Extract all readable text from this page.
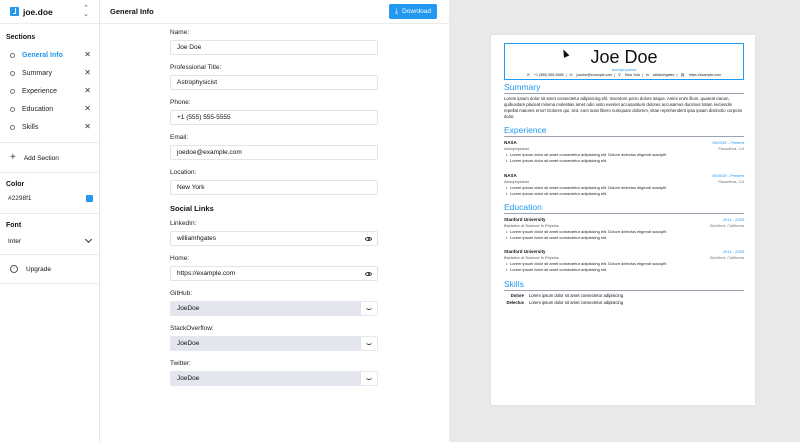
joe.doe	⌃
⌄
Sections
General Info	✕
Summary	✕
Experience	✕
Education	✕
Skills	✕
+ Add Section
Color
#2298f1
Font
Inter
↑	Upgrade
General Info	⤓ Download
Name:
Joe Doe
Professional Title:
Astrophysicist
Phone:
+1 (555) 555-5555
Email:
joedoe@example.com
Location:
New York
Social Links
LinkedIn:
williamhgates
Home:
https://example.com
GitHub:
JoeDoe
StackOverflow:
JoeDoe
Twitter:
JoeDoe
Joe Doe
Astrophysicist
✆ +1 (555) 555-5555 | ✉ joedoe@example.com | ⚲ New York | in williamhgates | ⛓ https://example.com
Summary
Lorem ipsum dolor sit amet consectetur adipisicing elit. Inventore porro dolore itaque. Animi enim illum, quaerat earum, quibusdam placeat minima molestias amet odio iusto eveniet accusantium dolores accusamus ducimus totam reiciendis repellat maiores error! Dolores qui, sint, eum iusto libero numquam dolorem, vitae reprehenderit ipsa ipsam distinctio corporis dolor.
Experience
NASA	09/2018 - Present
Astrophysicist	Pasadena, CA
• Lorem ipsum dolor sit amet consectetur adipisicing elit. Dolore delectus eligendi suscipit!
• Lorem ipsum dolor sit amet consectetur adipisicing elit.
NASA	09/2018 - Present
Astrophysicist	Pasadena, CA
• Lorem ipsum dolor sit amet consectetur adipisicing elit. Dolore delectus eligendi suscipit!
• Lorem ipsum dolor sit amet consectetur adipisicing elit.
Education
Stanford University	2014 - 2018
Bachelor of Science in Physics	Stanford, California
• Lorem ipsum dolor sit amet consectetur adipisicing elit. Dolore delectus eligendi suscipit!
• Lorem ipsum dolor sit amet consectetur adipisicing elit.
Stanford University	2014 - 2018
Bachelor of Science in Physics	Stanford, California
• Lorem ipsum dolor sit amet consectetur adipisicing elit. Dolore delectus eligendi suscipit!
• Lorem ipsum dolor sit amet consectetur adipisicing elit.
Skills
Dolore Lorem ipsum dolor sit amet consectetur adipisicing
Delectus Lorem ipsum dolor sit amet consectetur adipisicing
